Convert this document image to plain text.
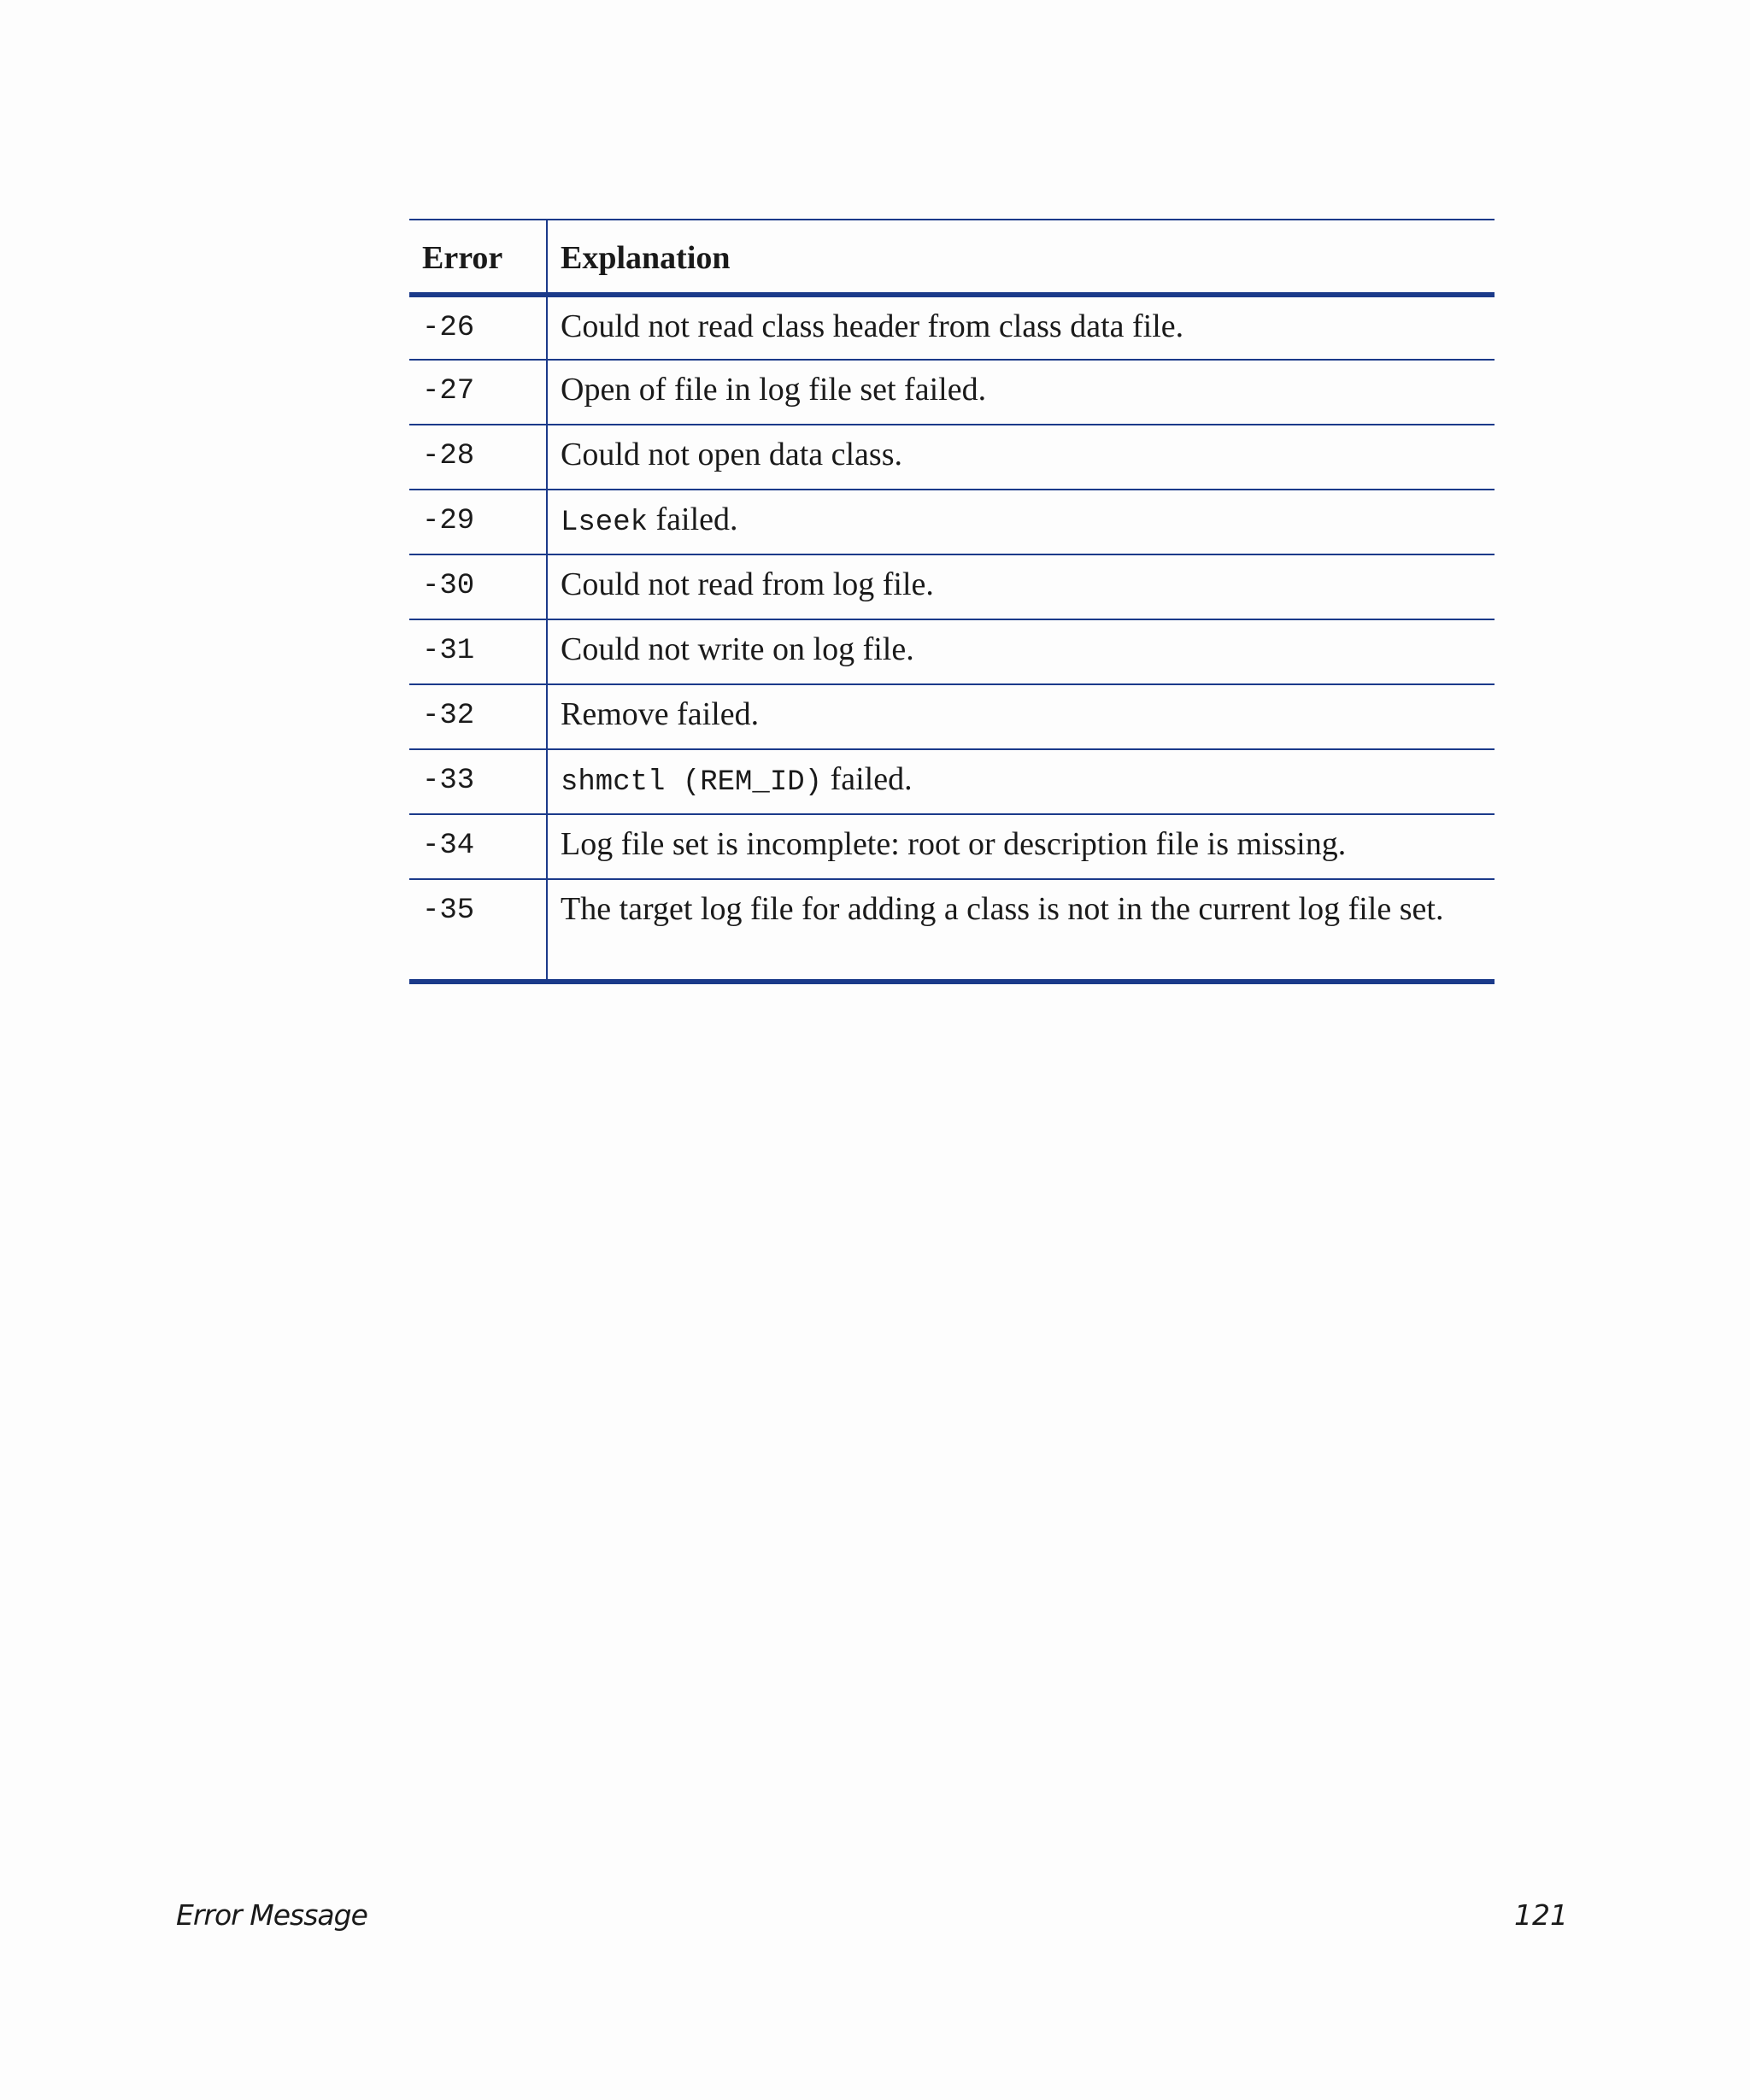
Error	Explanation
-26	Could not read class header from class data file.
-27	Open of file in log file set failed.
-28	Could not open data class.
-29	Lseek failed.
-30	Could not read from log file.
-31	Could not write on log file.
-32	Remove failed.
-33	shmctl (REM_ID) failed.
-34	Log file set is incomplete: root or description file is missing.
-35	The target log file for adding a class is not in the current log file set.
Error Message	121
